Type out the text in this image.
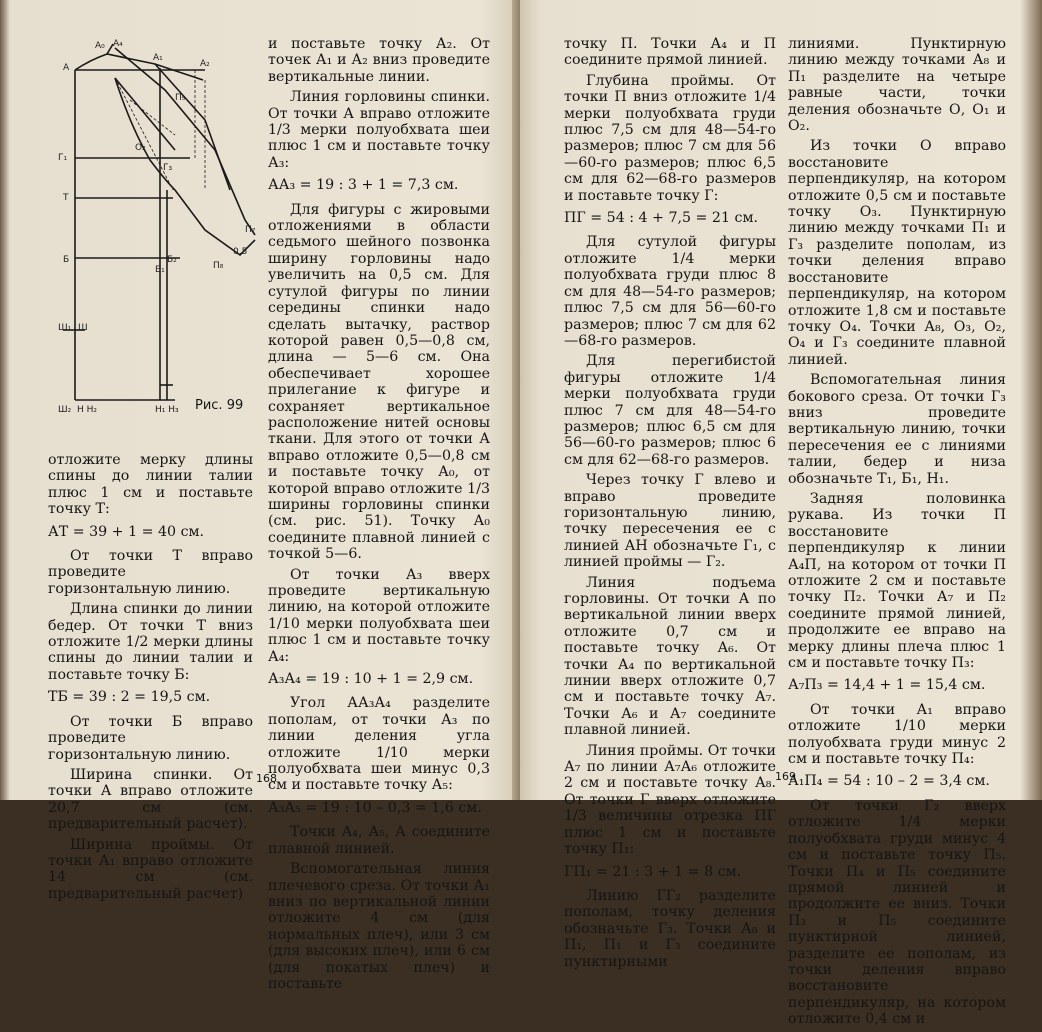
А
А₀ А₄
А₁
А₂
Г₁
Г₃
Т
Б
Б₁
Б₂
Ш₁ Ш
Ш₂ Н Н₂	Н₁ Н₃
П₇
П₈
0,5
О₂
П₅
Рис. 99

отложите мерку длины спины до линии талии плюс 1 см и поставьте точку Т:

АТ = 39 + 1 = 40 см.

От точки Т вправо проведите горизонтальную линию.

Длина спинки до линии бедер. От точки Т вниз отложите 1/2 мерки длины спины до линии талии и поставьте точку Б:

ТБ = 39 : 2 = 19,5 см.

От точки Б вправо проведите горизонтальную линию.

Ширина спинки. От точки А вправо отложите 20,7 см (см. предварительный расчет).

Ширина проймы. От точки А₁ вправо отложите 14 см (см. предварительный расчет)

и поставьте точку А₂. От точек А₁ и А₂ вниз проведите вертикальные линии.

Линия горловины спинки. От точки А вправо отложите 1/3 мерки полуобхвата шеи плюс 1 см и поставьте точку А₃:

АА₃ = 19 : 3 + 1 = 7,3 см.

Для фигуры с жировыми отложениями в области седьмого шейного позвонка ширину горловины надо увеличить на 0,5 см. Для сутулой фигуры по линии середины спинки надо сделать вытачку, раствор которой равен 0,5—0,8 см, длина — 5—6 см. Она обеспечивает хорошее прилегание к фигуре и сохраняет вертикальное расположение нитей основы ткани. Для этого от точки А вправо отложите 0,5—0,8 см и поставьте точку А₀, от которой вправо отложите 1/3 ширины горловины спинки (см. рис. 51). Точку А₀ соедините плавной линией с точкой 5—6.

От точки А₃ вверх проведите вертикальную линию, на которой отложите 1/10 мерки полуобхвата шеи плюс 1 см и поставьте точку А₄:

А₃А₄ = 19 : 10 + 1 = 2,9 см.

Угол АА₃А₄ разделите пополам, от точки А₃ по линии деления угла отложите 1/10 мерки полуобхвата шеи минус 0,3 см и поставьте точку А₅:

А₃А₅ = 19 : 10 – 0,3 = 1,6 см.

Точки А₄, А₅, А соедините плавной линией.

Вспомогательная линия плечевого среза. От точки А₁ вниз по вертикальной линии отложите 4 см (для нормальных плеч), или 3 см (для высоких плеч), или 6 см (для покатых плеч) и поставьте

168

точку П. Точки А₄ и П соедините прямой линией.

Глубина проймы. От точки П вниз отложите 1/4 мерки полуобхвата груди плюс 7,5 см для 48—54-го размеров; плюс 7 см для 56—60-го размеров; плюс 6,5 см для 62—68-го размеров и поставьте точку Г:

ПГ = 54 : 4 + 7,5 = 21 см.

Для сутулой фигуры отложите 1/4 мерки полуобхвата груди плюс 8 см для 48—54-го размеров; плюс 7,5 см для 56—60-го размеров; плюс 7 см для 62—68-го размеров.

Для перегибистой фигуры отложите 1/4 мерки полуобхвата груди плюс 7 см для 48—54-го размеров; плюс 6,5 см для 56—60-го размеров; плюс 6 см для 62—68-го размеров.

Через точку Г влево и вправо проведите горизонтальную линию, точку пересечения ее с линией АН обозначьте Г₁, с линией проймы — Г₂.

Линия подъема горловины. От точки А по вертикальной линии вверх отложите 0,7 см и поставьте точку А₆. От точки А₄ по вертикальной линии вверх отложите 0,7 см и поставьте точку А₇. Точки А₆ и А₇ соедините плавной линией.

Линия проймы. От точки А₇ по линии А₇А₆ отложите 2 см и поставьте точку А₈. От точки Г вверх отложите 1/3 величины отрезка ПГ плюс 1 см и поставьте точку П₁:

ГП₁ = 21 : 3 + 1 = 8 см.

Линию ГГ₂ разделите пополам, точку деления обозначьте Г₃. Точки А₈ и П₁, П₁ и Г₃ соедините пунктирными

линиями. Пунктирную линию между точками А₈ и П₁ разделите на четыре равные части, точки деления обозначьте О, О₁ и О₂.

Из точки О вправо восстановите перпендикуляр, на котором отложите 0,5 см и поставьте точку О₃. Пунктирную линию между точками П₁ и Г₃ разделите пополам, из точки деления вправо восстановите перпендикуляр, на котором отложите 1,8 см и поставьте точку О₄. Точки А₈, О₃, О₂, О₄ и Г₃ соедините плавной линией.

Вспомогательная линия бокового среза. От точки Г₃ вниз проведите вертикальную линию, точки пересечения ее с линиями талии, бедер и низа обозначьте Т₁, Б₁, Н₁.

Задняя половинка рукава. Из точки П восстановите перпендикуляр к линии А₄П, на котором от точки П отложите 2 см и поставьте точку П₂. Точки А₇ и П₂ соедините прямой линией, продолжите ее вправо на мерку длины плеча плюс 1 см и поставьте точку П₃:

А₇П₃ = 14,4 + 1 = 15,4 см.

От точки А₁ вправо отложите 1/10 мерки полуобхвата груди минус 2 см и поставьте точку П₄:

А₁П₄ = 54 : 10 – 2 = 3,4 см.

От точки Г₂ вверх отложите 1/4 мерки полуобхвата груди минус 4 см и поставьте точку П₅. Точки П₄ и П₅ соедините прямой линией и продолжите ее вниз. Точки П₃ и П₅ соедините пунктирной линией, разделите ее пополам, из точки деления вправо восстановите перпендикуляр, на котором отложите 0,4 см и

169
